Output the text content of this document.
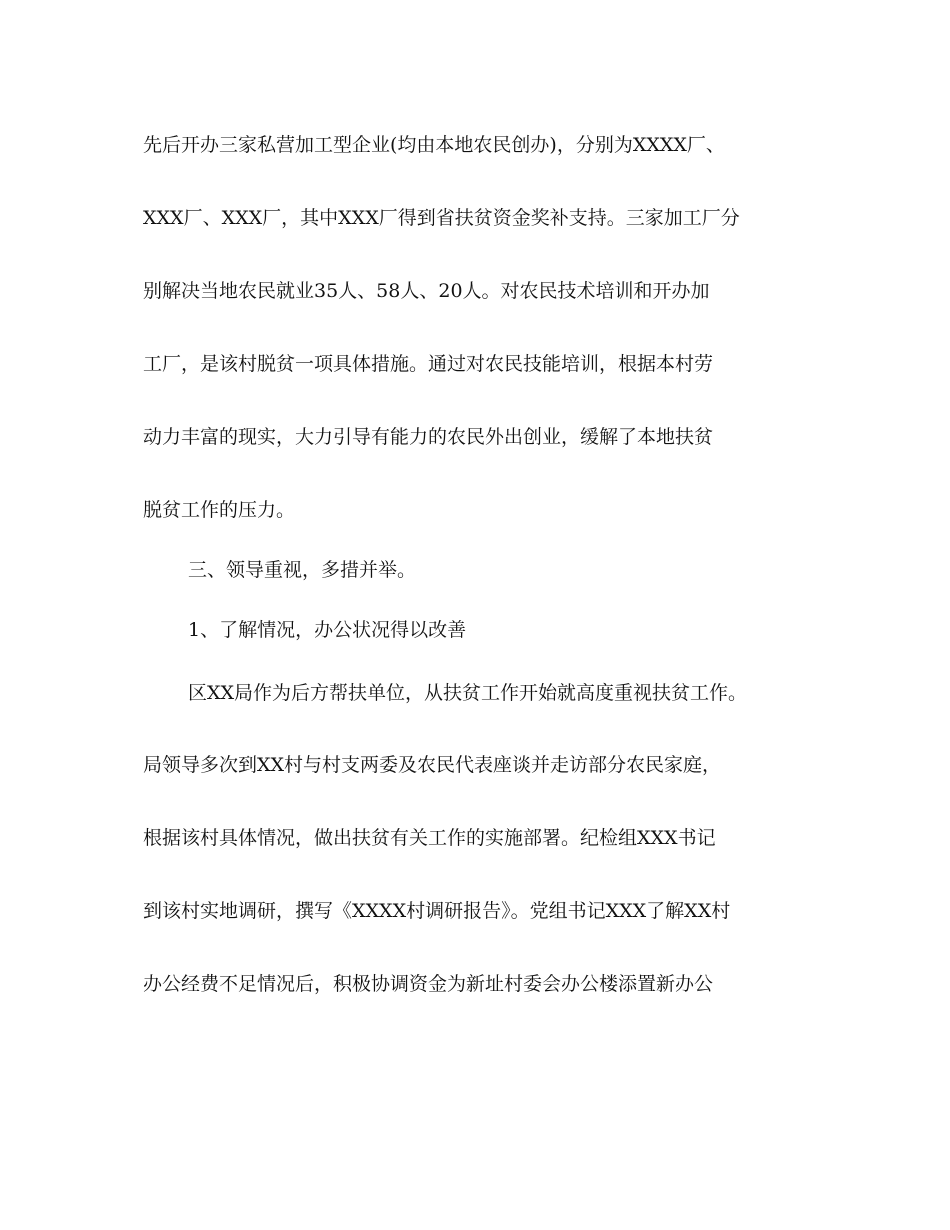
先后开办三家私营加工型企业(均由本地农民创办)，分别为XXXX厂、
XXX厂、XXX厂，其中XXX厂得到省扶贫资金奖补支持。三家加工厂分
别解决当地农民就业35人、58人、20人。对农民技术培训和开办加
工厂，是该村脱贫一项具体措施。通过对农民技能培训，根据本村劳
动力丰富的现实，大力引导有能力的农民外出创业，缓解了本地扶贫
脱贫工作的压力。
三、领导重视，多措并举。
1、了解情况，办公状况得以改善
区XX局作为后方帮扶单位，从扶贫工作开始就高度重视扶贫工作。
局领导多次到XX村与村支两委及农民代表座谈并走访部分农民家庭，
根据该村具体情况，做出扶贫有关工作的实施部署。纪检组XXX书记
到该村实地调研，撰写《XXXX村调研报告》。党组书记XXX了解XX村
办公经费不足情况后，积极协调资金为新址村委会办公楼添置新办公
